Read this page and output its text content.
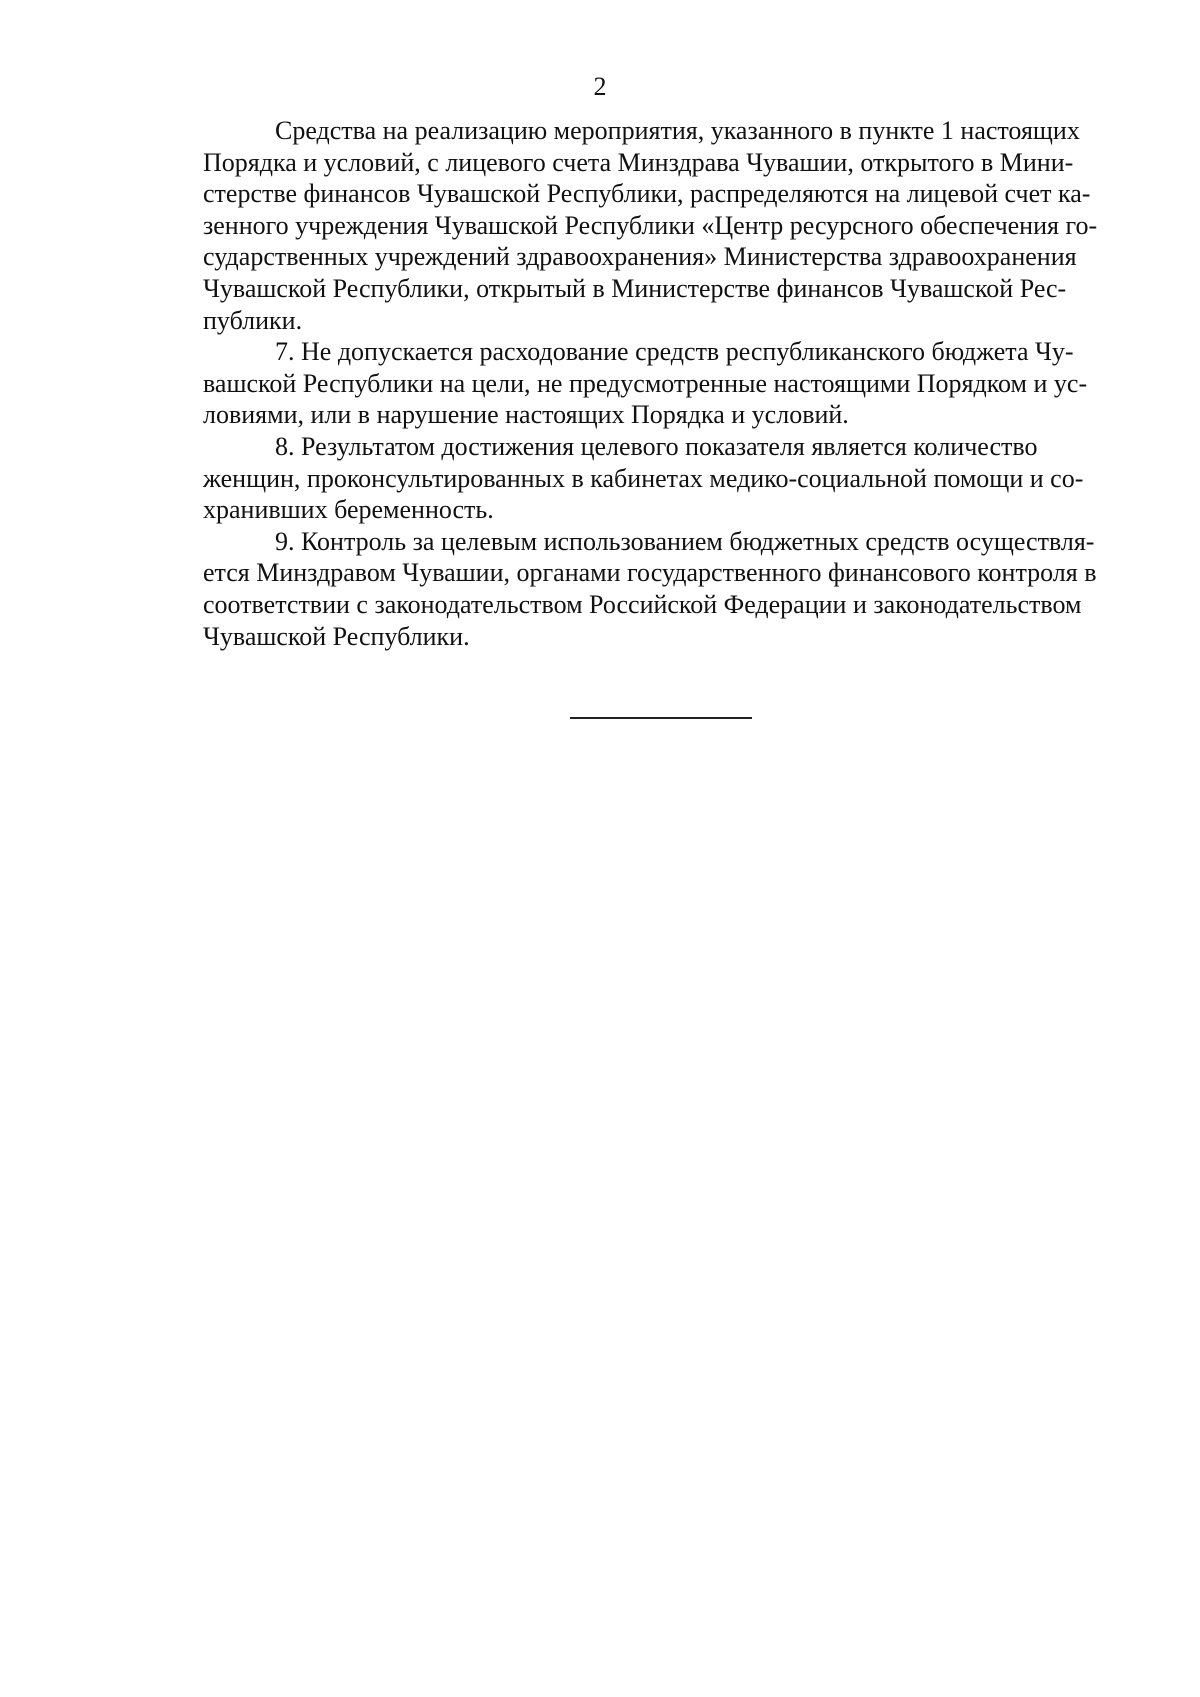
2

Средства на реализацию мероприятия, указанного в пункте 1 настоящих
Порядка и условий, с лицевого счета Минздрава Чувашии, открытого в Мини-
стерстве финансов Чувашской Республики, распределяются на лицевой счет ка-
зенного учреждения Чувашской Республики «Центр ресурсного обеспечения го-
сударственных учреждений здравоохранения» Министерства здравоохранения
Чувашской Республики, открытый в Министерстве финансов Чувашской Рес-
публики.

7. Не допускается расходование средств республиканского бюджета Чу-
вашской Республики на цели, не предусмотренные настоящими Порядком и ус-
ловиями, или в нарушение настоящих Порядка и условий.

8. Результатом достижения целевого показателя является количество
женщин, проконсультированных в кабинетах медико-социальной помощи и со-
хранивших беременность.

9. Контроль за целевым использованием бюджетных средств осуществля-
ется Минздравом Чувашии, органами государственного финансового контроля в
соответствии с законодательством Российской Федерации и законодательством
Чувашской Республики.
